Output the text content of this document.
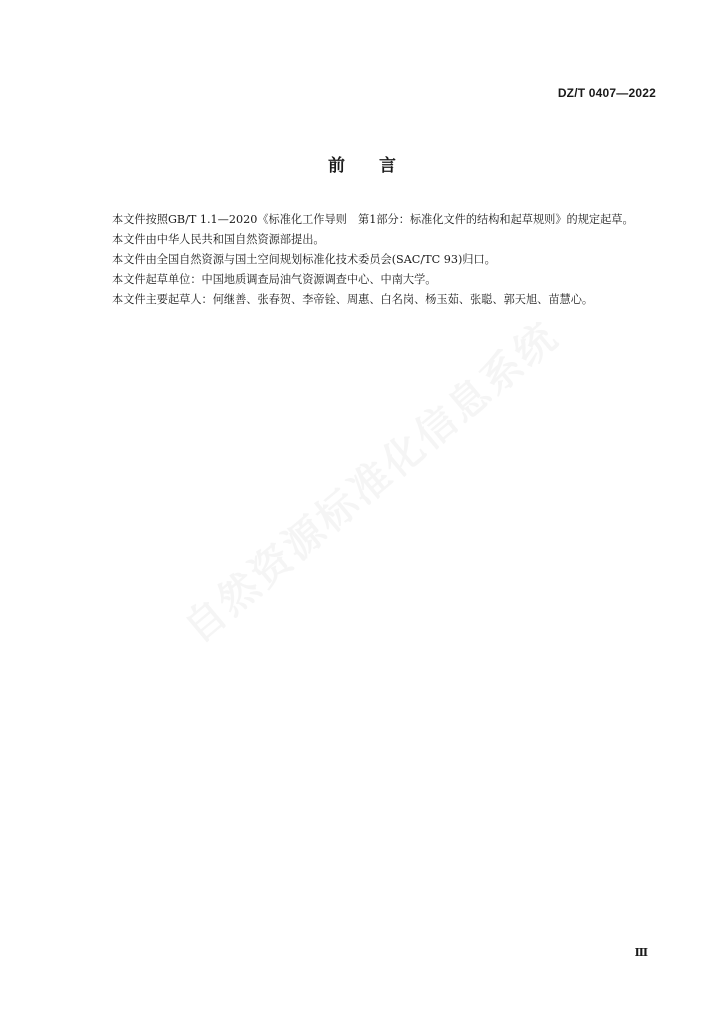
DZ/T 0407—2022
前言

本文件按照GB/T 1.1—2020《标准化工作导则　第1部分：标准化文件的结构和起草规则》的规定起草。

本文件由中华人民共和国自然资源部提出。

本文件由全国自然资源与国土空间规划标准化技术委员会(SAC/TC 93)归口。

本文件起草单位：中国地质调查局油气资源调查中心、中南大学。

本文件主要起草人：何继善、张春贺、李帝铨、周惠、白名岗、杨玉茹、张聪、郭天旭、苗慧心。

自然资源标准化信息系统
Ⅲ
